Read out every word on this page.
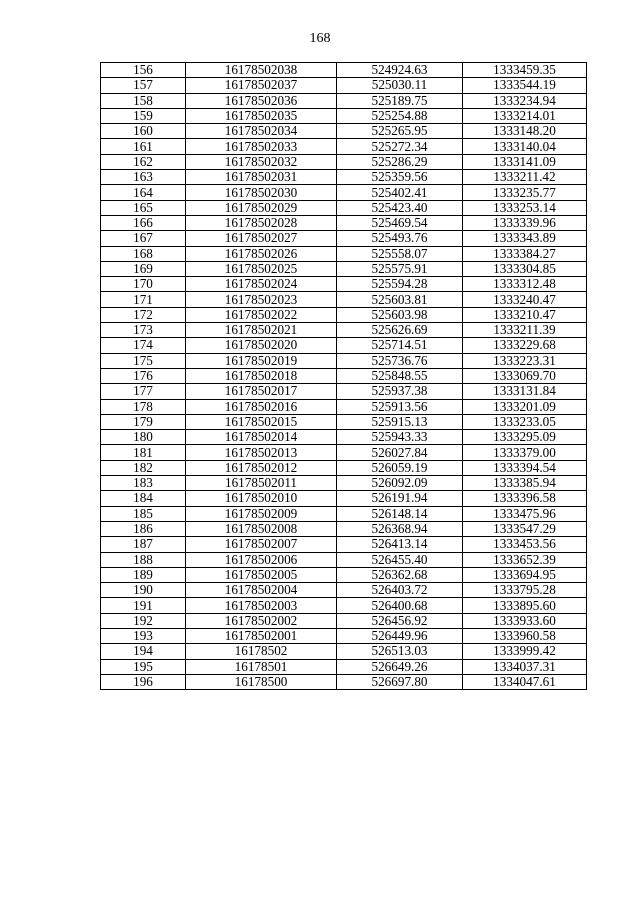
168
156	16178502038	524924.63	1333459.35
157	16178502037	525030.11	1333544.19
158	16178502036	525189.75	1333234.94
159	16178502035	525254.88	1333214.01
160	16178502034	525265.95	1333148.20
161	16178502033	525272.34	1333140.04
162	16178502032	525286.29	1333141.09
163	16178502031	525359.56	1333211.42
164	16178502030	525402.41	1333235.77
165	16178502029	525423.40	1333253.14
166	16178502028	525469.54	1333339.96
167	16178502027	525493.76	1333343.89
168	16178502026	525558.07	1333384.27
169	16178502025	525575.91	1333304.85
170	16178502024	525594.28	1333312.48
171	16178502023	525603.81	1333240.47
172	16178502022	525603.98	1333210.47
173	16178502021	525626.69	1333211.39
174	16178502020	525714.51	1333229.68
175	16178502019	525736.76	1333223.31
176	16178502018	525848.55	1333069.70
177	16178502017	525937.38	1333131.84
178	16178502016	525913.56	1333201.09
179	16178502015	525915.13	1333233.05
180	16178502014	525943.33	1333295.09
181	16178502013	526027.84	1333379.00
182	16178502012	526059.19	1333394.54
183	16178502011	526092.09	1333385.94
184	16178502010	526191.94	1333396.58
185	16178502009	526148.14	1333475.96
186	16178502008	526368.94	1333547.29
187	16178502007	526413.14	1333453.56
188	16178502006	526455.40	1333652.39
189	16178502005	526362.68	1333694.95
190	16178502004	526403.72	1333795.28
191	16178502003	526400.68	1333895.60
192	16178502002	526456.92	1333933.60
193	16178502001	526449.96	1333960.58
194	16178502	526513.03	1333999.42
195	16178501	526649.26	1334037.31
196	16178500	526697.80	1334047.61
